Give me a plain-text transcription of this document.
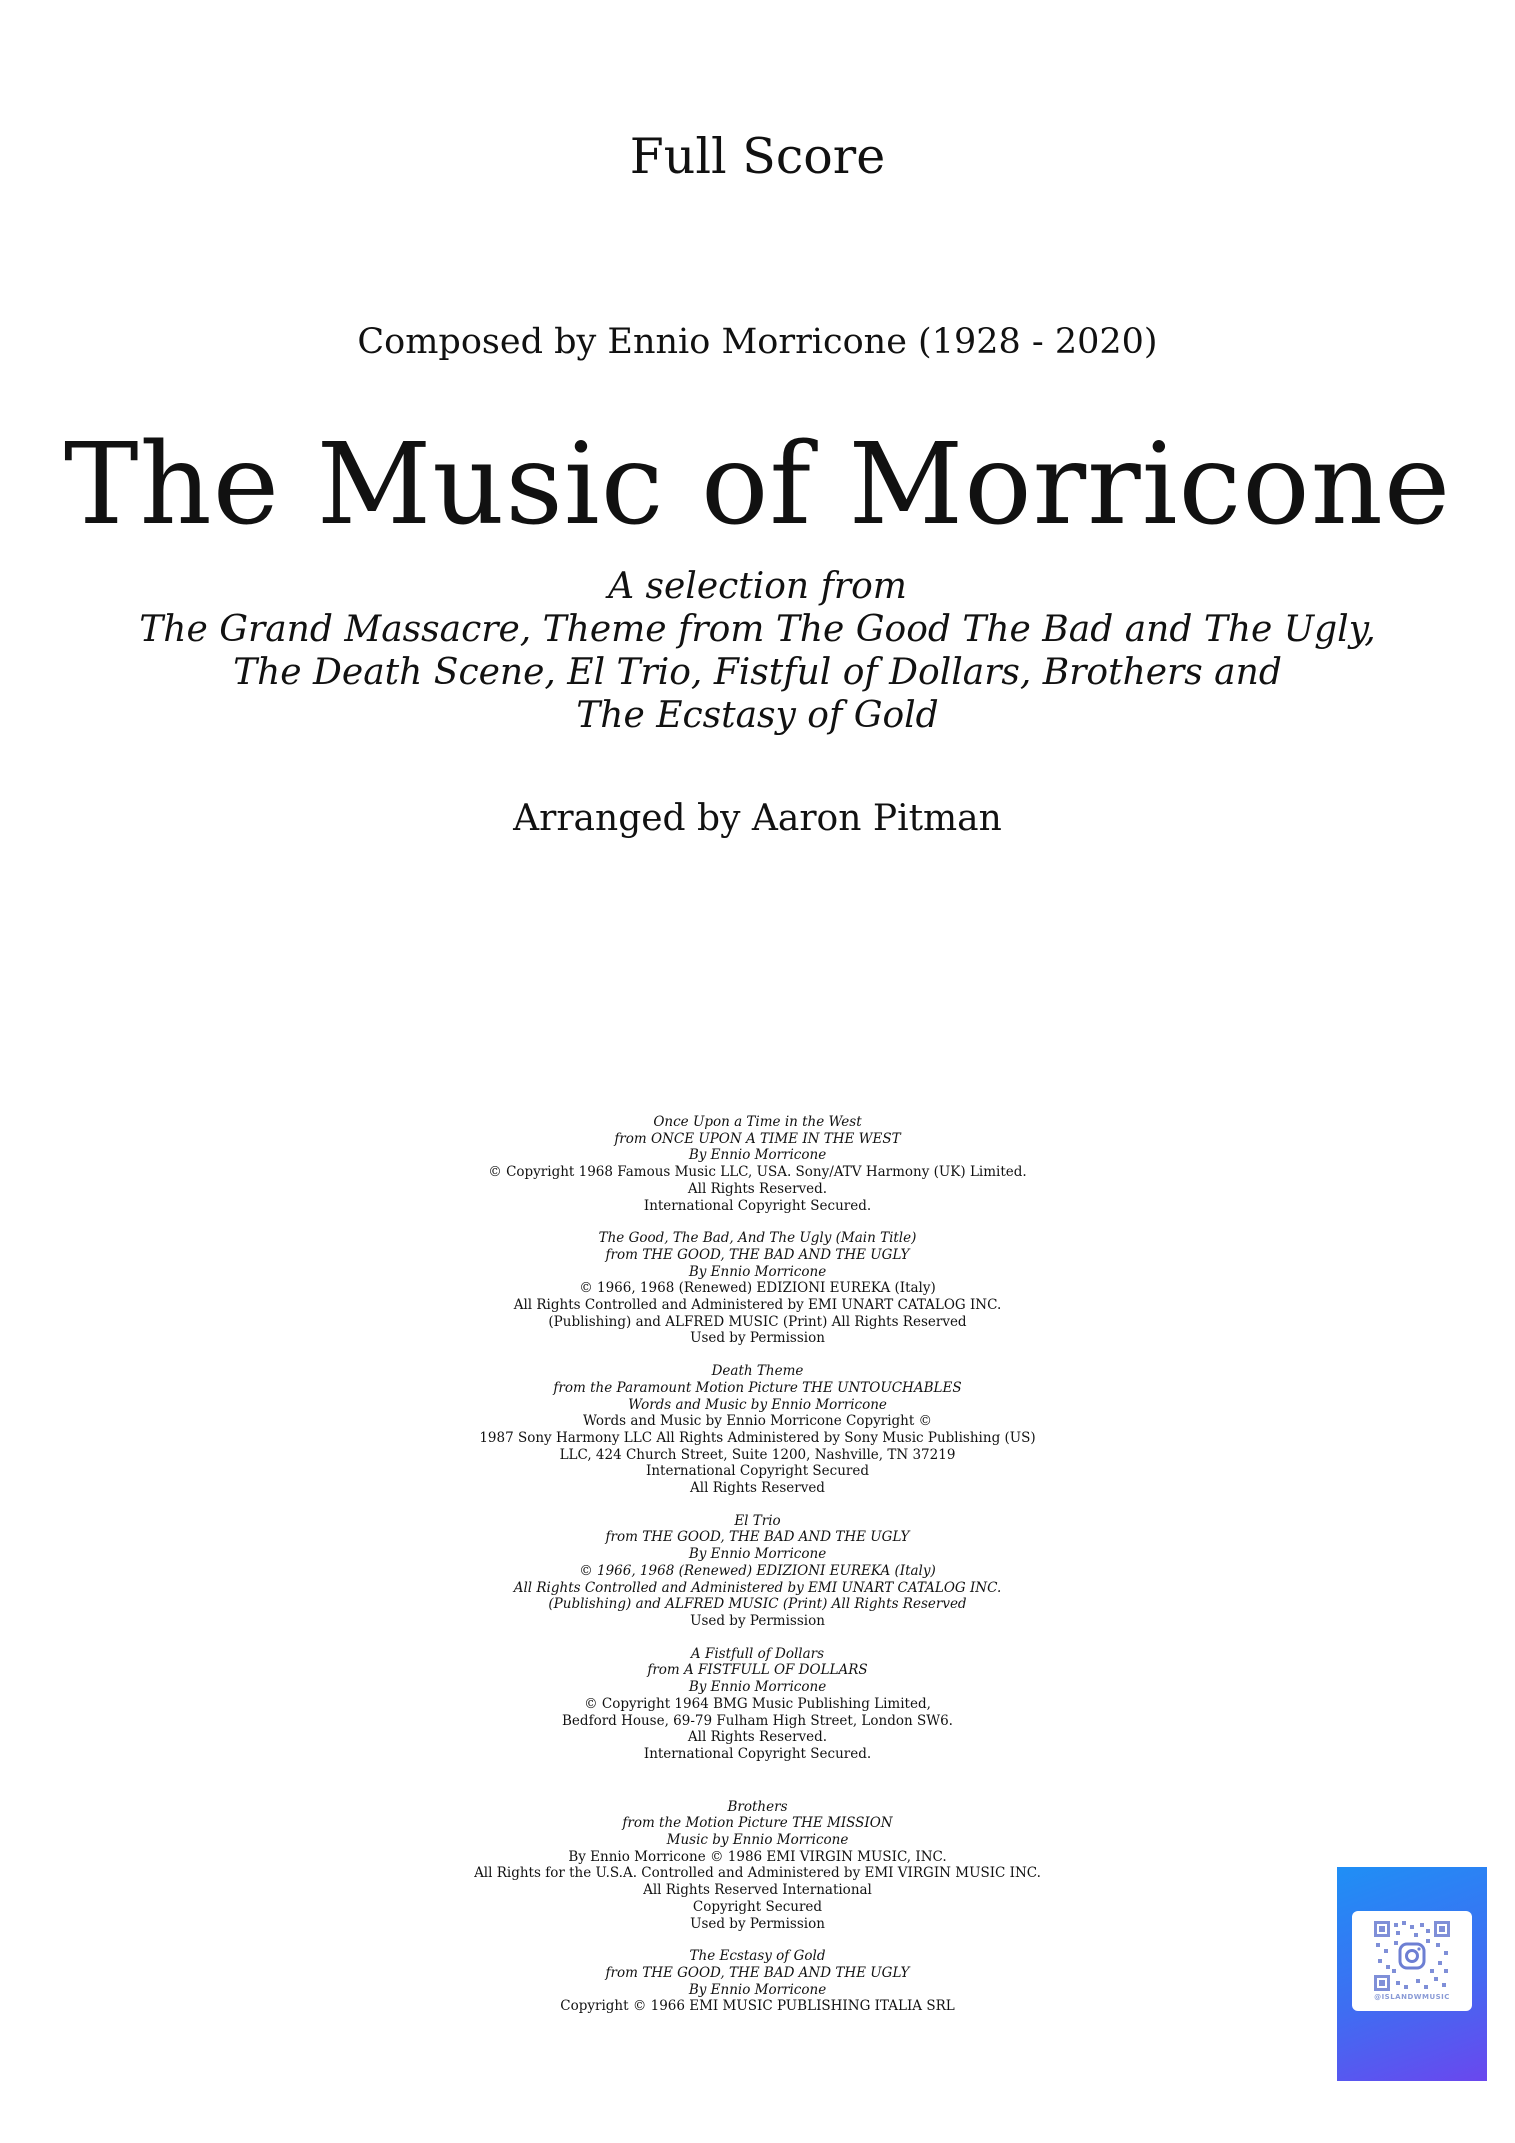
Full Score
Composed by Ennio Morricone (1928 - 2020)
The Music of Morricone
A selection from
The Grand Massacre, Theme from The Good The Bad and The Ugly,
The Death Scene, El Trio, Fistful of Dollars, Brothers and
The Ecstasy of Gold
Arranged by Aaron Pitman
Once Upon a Time in the West
from ONCE UPON A TIME IN THE WEST
By Ennio Morricone
© Copyright 1968 Famous Music LLC, USA. Sony/ATV Harmony (UK) Limited.
All Rights Reserved.
International Copyright Secured.
The Good, The Bad, And The Ugly (Main Title)
from THE GOOD, THE BAD AND THE UGLY
By Ennio Morricone
© 1966, 1968 (Renewed) EDIZIONI EUREKA (Italy)
All Rights Controlled and Administered by EMI UNART CATALOG INC.
(Publishing) and ALFRED MUSIC (Print) All Rights Reserved
Used by Permission
Death Theme
from the Paramount Motion Picture THE UNTOUCHABLES
Words and Music by Ennio Morricone
Words and Music by Ennio Morricone Copyright ©
1987 Sony Harmony LLC All Rights Administered by Sony Music Publishing (US)
LLC, 424 Church Street, Suite 1200, Nashville, TN 37219
International Copyright Secured
All Rights Reserved
El Trio
from THE GOOD, THE BAD AND THE UGLY
By Ennio Morricone
© 1966, 1968 (Renewed) EDIZIONI EUREKA (Italy)
All Rights Controlled and Administered by EMI UNART CATALOG INC.
(Publishing) and ALFRED MUSIC (Print) All Rights Reserved
Used by Permission
A Fistfull of Dollars
from A FISTFULL OF DOLLARS
By Ennio Morricone
© Copyright 1964 BMG Music Publishing Limited,
Bedford House, 69-79 Fulham High Street, London SW6.
All Rights Reserved.
International Copyright Secured.
Brothers
from the Motion Picture THE MISSION
Music by Ennio Morricone
By Ennio Morricone © 1986 EMI VIRGIN MUSIC, INC.
All Rights for the U.S.A. Controlled and Administered by EMI VIRGIN MUSIC INC.
All Rights Reserved International
Copyright Secured
Used by Permission
The Ecstasy of Gold
from THE GOOD, THE BAD AND THE UGLY
By Ennio Morricone
Copyright © 1966 EMI MUSIC PUBLISHING ITALIA SRL
@ISLANDWMUSIC
